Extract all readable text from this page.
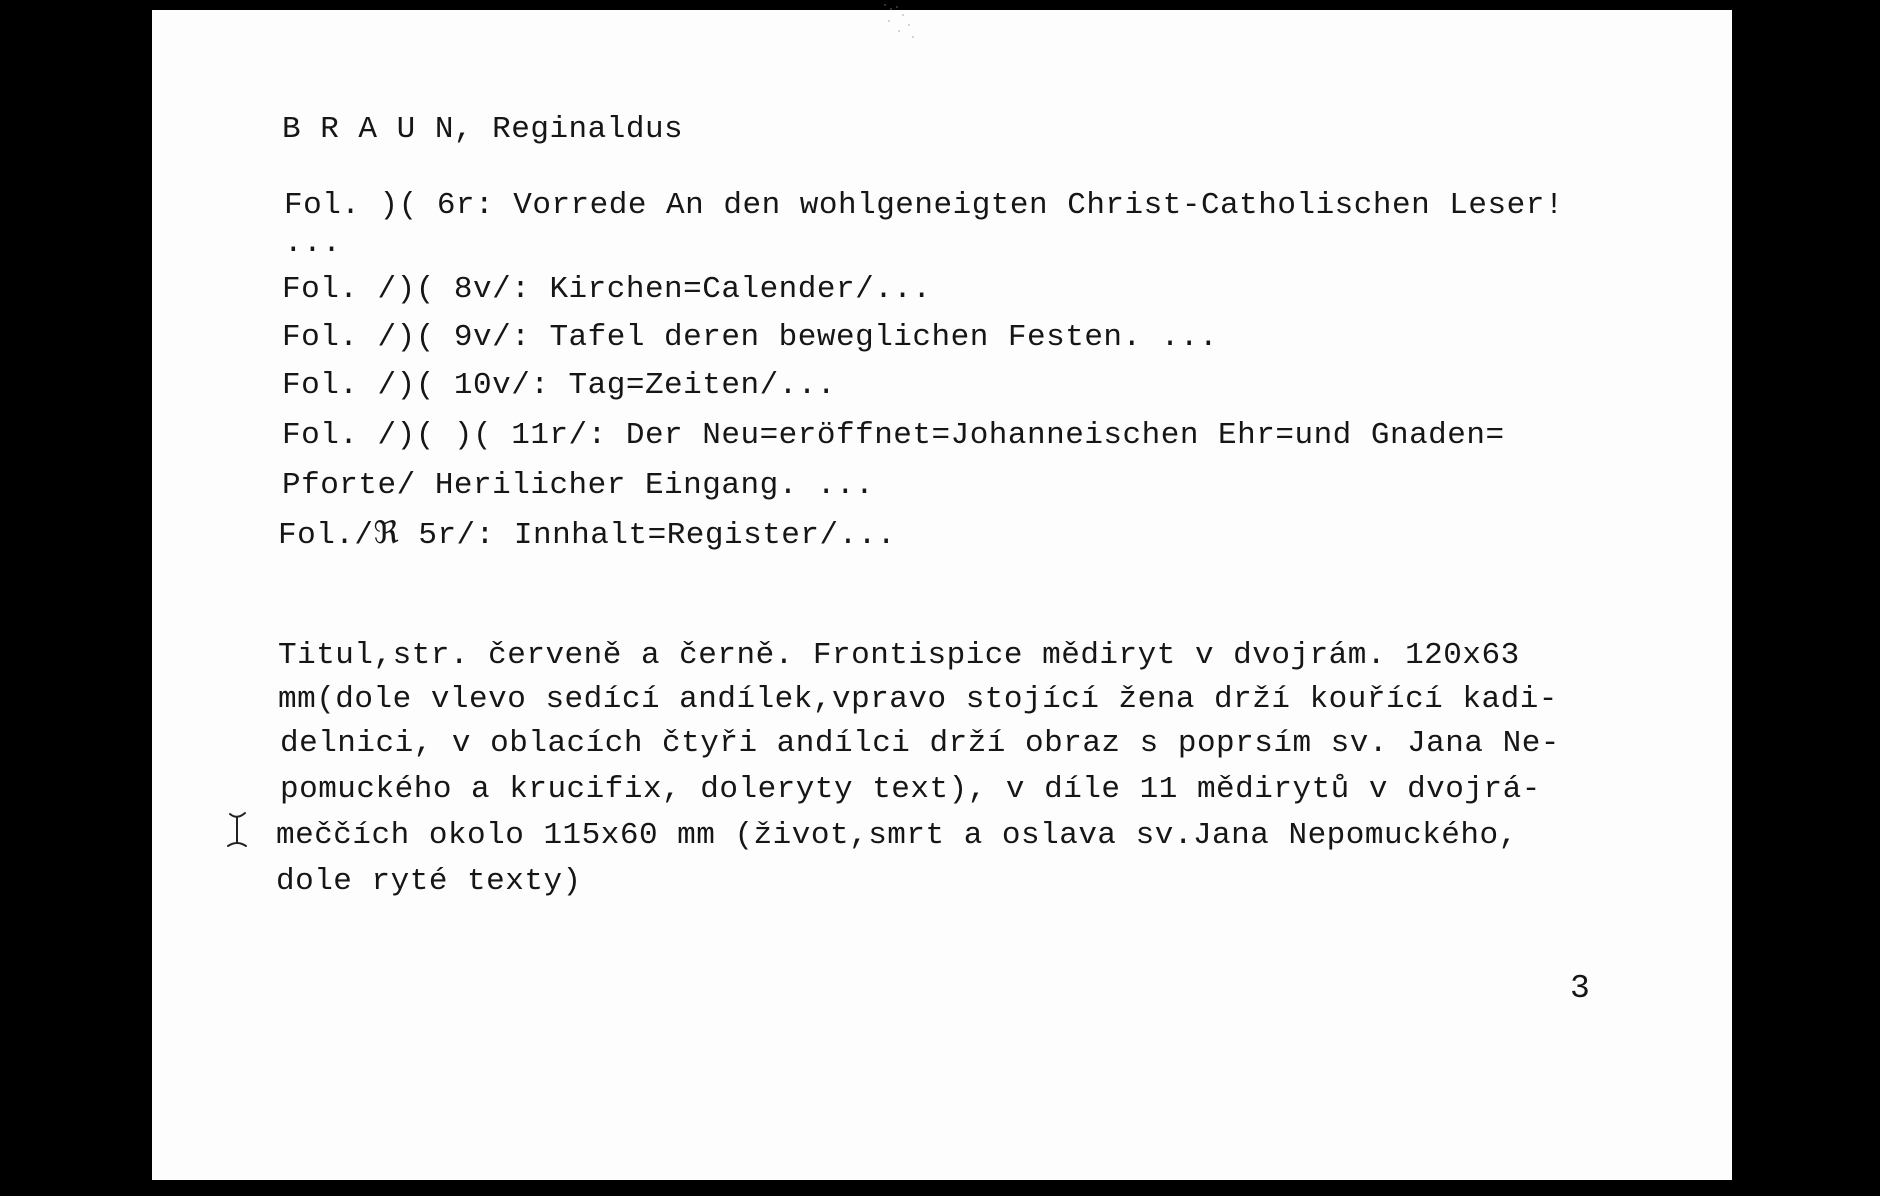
B R A U N, Reginaldus
Fol. )( 6r: Vorrede An den wohlgeneigten Christ-Catholischen Leser!
...
Fol. /)( 8v/: Kirchen=Calender/...
Fol. /)( 9v/: Tafel deren beweglichen Festen. ...
Fol. /)( 10v/: Tag=Zeiten/...
Fol. /)( )( 11r/: Der Neu=eröffnet=Johanneischen Ehr=und Gnaden=
Pforte/ Herilicher Eingang. ...
Fol./ℜ 5r/: Innhalt=Register/...
Titul,str. červeně a černě. Frontispice mědiryt v dvojrám. 120x63
mm(dole vlevo sedící andílek,vpravo stojící žena drží kouřící kadi-
delnici, v oblacích čtyři andílci drží obraz s poprsím sv. Jana Ne-
pomuckého a krucifix, doleryty text), v díle 11 mědirytů v dvojrá-
meččích okolo 115x60 mm (život,smrt a oslava sv.Jana Nepomuckého,
dole ryté texty)
3
